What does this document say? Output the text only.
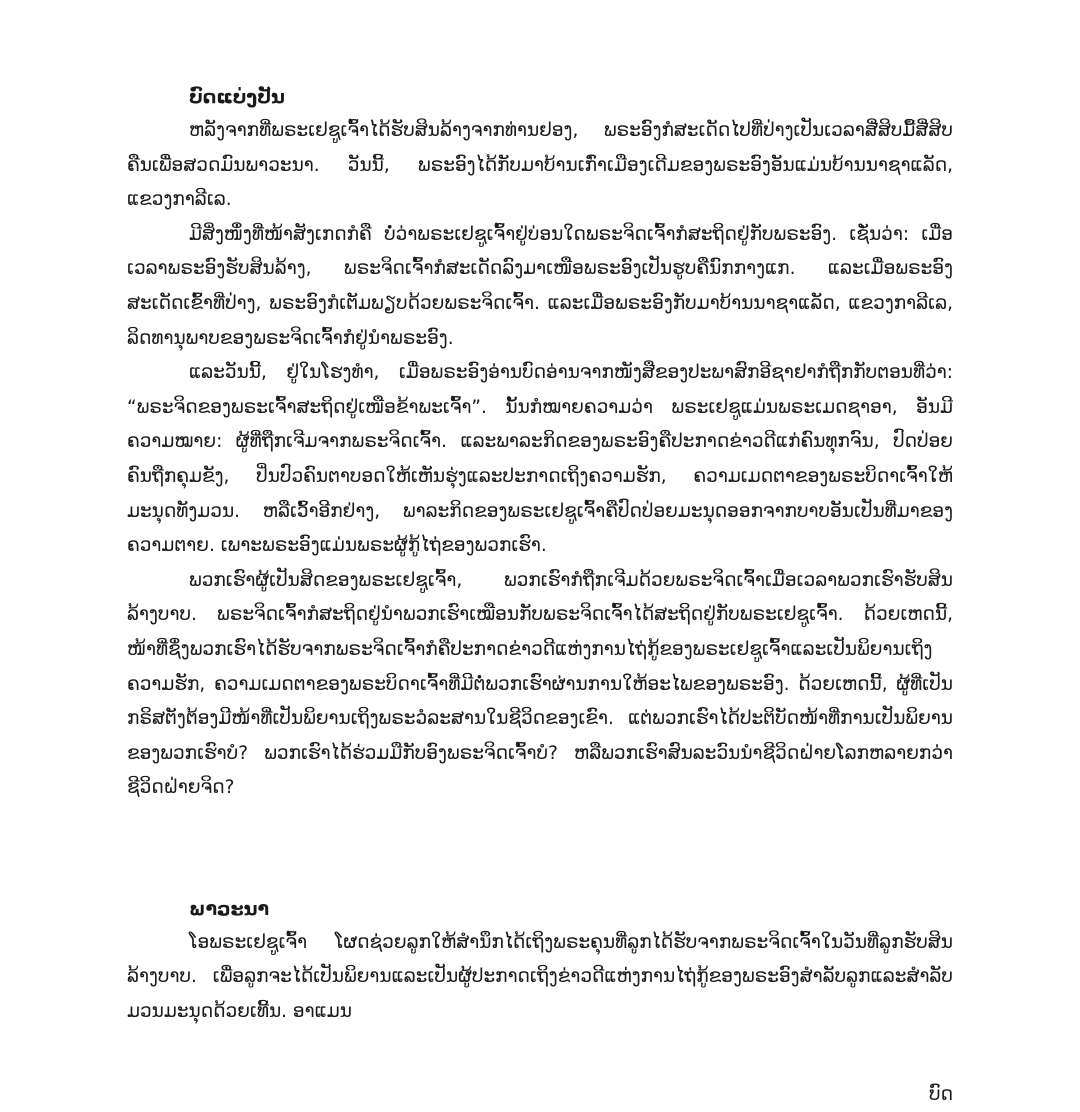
ບົດແບ່ງປັນ

ຫລັງຈາກທີ່ພຣະເຢຊູເຈົ້າໄດ້ຮັບສິນລ້າງຈາກທ່ານຢອງ, ພຣະອົງກໍສະເດັດໄປທີ່ປ່າງເປັນເວລາສີ່ສິບມື້ສີ່ສິບຄືນເພື່ອສວດມົນພາວະນາ. ວັນນີ້, ພຣະອົງໄດ້ກັບມາບ້ານເກົ່າເມືອງເດີມຂອງພຣະອົງອັນແມ່ນບ້ານນາຊາແລັດ, ແຂວງກາລີເລ.

ມີສິ່ງໜຶ່ງທີ່ໜ້າສັງເກດກໍຄື ບໍ່ວ່າພຣະເຢຊູເຈົ້າຢູ່ບ່ອນໃດພຣະຈິດເຈົ້າກໍສະຖິດຢູ່ກັບພຣະອົງ. ເຊັ່ນວ່າ: ເມື່ອເວລາພຣະອົງຮັບສິນລ້າງ, ພຣະຈິດເຈົ້າກໍສະເດັດລົງມາເໜືອພຣະອົງເປັນຮູບຄືນົກກາງແກ. ແລະເມື່ອພຣະອົງສະເດັດເຂົ້າທີ່ປ່າງ, ພຣະອົງກໍເຕັມພຽບດ້ວຍພຣະຈິດເຈົ້າ. ແລະເມື່ອພຣະອົງກັບມາບ້ານນາຊາແລັດ, ແຂວງກາລີເລ, ລິດທານຸພາບຂອງພຣະຈິດເຈົ້າກໍຢູ່ນຳພຣະອົງ.

ແລະວັນນີ້, ຢູ່ໃນໂຮງທຳ, ເມື່ອພຣະອົງອ່ານບົດອ່ານຈາກໜັງສືຂອງປະພາສົກອີຊາຢາກໍຖືກກັບຕອນທີ່ວ່າ: “ພຣະຈິດຂອງພຣະເຈົ້າສະຖິດຢູ່ເໜືອຂ້າພະເຈົ້າ”. ນັ້ນກໍໝາຍຄວາມວ່າ ພຣະເຢຊູແມ່ນພຣະເມດຊາອາ, ອັນມີຄວາມໝາຍ: ຜູ້ທີ່ຖືກເຈີມຈາກພຣະຈິດເຈົ້າ. ແລະພາລະກິດຂອງພຣະອົງຄືປະກາດຂ່າວດີແກ່ຄົນທຸກຈົນ, ປົດປ່ອຍຄົນຖືກຄຸມຂັງ, ປິ່ນປົວຄົນຕາບອດໃຫ້ເຫັນຮຸ່ງແລະປະກາດເຖິງຄວາມຮັກ, ຄວາມເມດຕາຂອງພຣະບິດາເຈົ້າໃຫ້ມະນຸດທັງມວນ. ຫລືເວົ້າອີກຢ່າງ, ພາລະກິດຂອງພຣະເຢຊູເຈົ້າຄືປົດປ່ອຍມະນຸດອອກຈາກບາບອັນເປັນທີ່ມາຂອງຄວາມຕາຍ. ເພາະພຣະອົງແມ່ນພຣະຜູ້ກູ້ໄຖ່ຂອງພວກເຮົາ.

ພວກເຮົາຜູ້ເປັນສິດຂອງພຣະເຢຊູເຈົ້າ, ພວກເຮົາກໍຖືກເຈີມດ້ວຍພຣະຈິດເຈົ້າເມື່ອເວລາພວກເຮົາຮັບສິນລ້າງບາບ. ພຣະຈິດເຈົ້າກໍສະຖິດຢູ່ນຳພວກເຮົາເໝືອນກັບພຣະຈິດເຈົ້າໄດ້ສະຖິດຢູ່ກັບພຣະເຢຊູເຈົ້າ. ດ້ວຍເຫດນີ້, ໜ້າທີ່ຊຶ່ງພວກເຮົາໄດ້ຮັບຈາກພຣະຈິດເຈົ້າກໍຄືປະກາດຂ່າວດີແຫ່ງການໄຖ່ກູ້ຂອງພຣະເຢຊູເຈົ້າແລະເປັນພິຍານເຖິງຄວາມຮັກ, ຄວາມເມດຕາຂອງພຣະບິດາເຈົ້າທີ່ມີຕໍ່ພວກເຮົາຜ່ານການໃຫ້ອະໄພຂອງພຣະອົງ. ດ້ວຍເຫດນີ້, ຜູ້ທີ່ເປັນກຣິສຕັງຕ້ອງມີໜ້າທີ່ເປັນພິຍານເຖິງພຣະວໍລະສານໃນຊີວິດຂອງເຂົາ. ແຕ່ພວກເຮົາໄດ້ປະຕິບັດໜ້າທີ່ການເປັນພິຍານຂອງພວກເຮົາບໍ? ພວກເຮົາໄດ້ຮ່ວມມືກັບອົງພຣະຈິດເຈົ້າບໍ? ຫລືພວກເຮົາສົນລະວົນນຳຊີວິດຝ່າຍໂລກຫລາຍກວ່າຊີວິດຝ່າຍຈິດ?

ພາວະນາ

ໂອພຣະເຢຊູເຈົ້າ ໂຜດຊ່ວຍລູກໃຫ້ສຳນຶກໄດ້ເຖິງພຣະຄຸນທີ່ລູກໄດ້ຮັບຈາກພຣະຈິດເຈົ້າໃນວັນທີ່ລູກຮັບສິນລ້າງບາບ. ເພື່ອລູກຈະໄດ້ເປັນພິຍານແລະເປັນຜູ້ປະກາດເຖິງຂ່າວດີແຫ່ງການໄຖ່ກູ້ຂອງພຣະອົງສຳລັບລູກແລະສຳລັບມວນມະນຸດດ້ວຍເທີ້ນ. ອາແມນ

ບົດ
